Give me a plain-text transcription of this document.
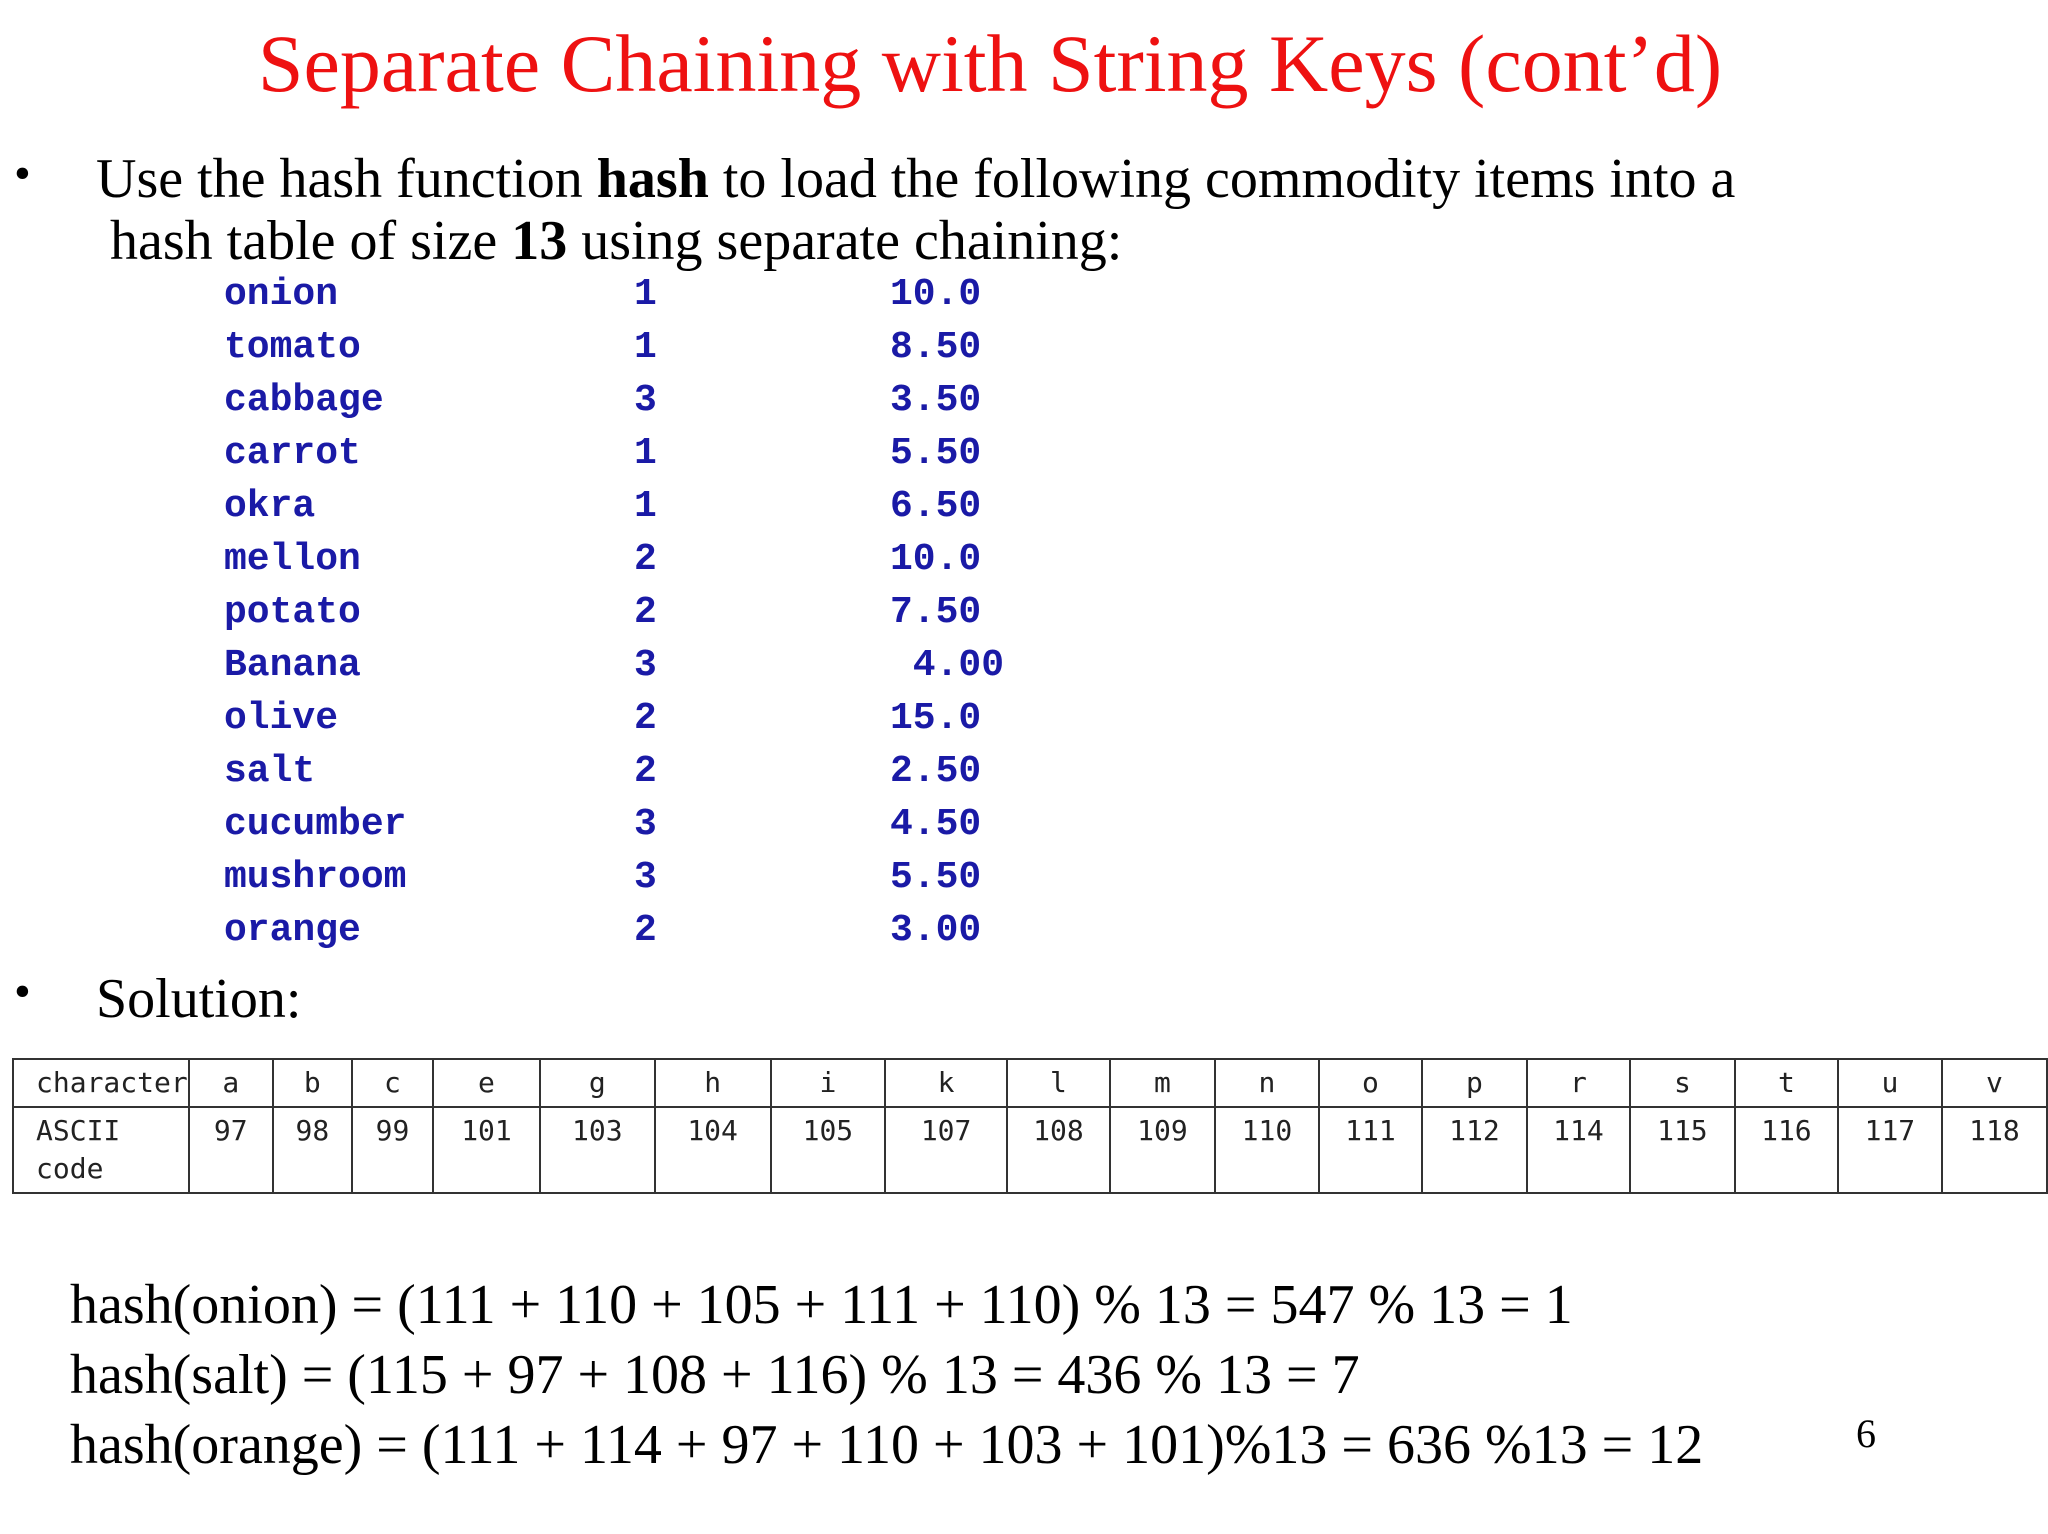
Separate Chaining with String Keys (cont’d)
• Use the hash function hash to load the following commodity items into a
hash table of size 13 using separate chaining:
onion	1	10.0
tomato	1	8.50
cabbage	3	3.50
carrot	1	5.50
okra	1	6.50
mellon	2	10.0
potato	2	7.50
Banana	3	4.00
olive	2	15.0
salt	2	2.50
cucumber	3	4.50
mushroom	3	5.50
orange	2	3.00
• Solution:
character	a	b	c	e	g	h	i	k	l	m	n	o	p	r	s	t	u	v
ASCII
code	97	98	99	101	103	104	105	107	108	109	110	111	112	114	115	116	117	118
hash(onion) = (111 + 110 + 105 + 111 + 110) % 13 = 547 % 13 = 1
hash(salt) = (115 + 97 + 108 + 116) % 13 = 436 % 13 = 7
hash(orange) = (111 + 114 + 97 + 110 + 103 + 101)%13 = 636 %13 = 12	6
